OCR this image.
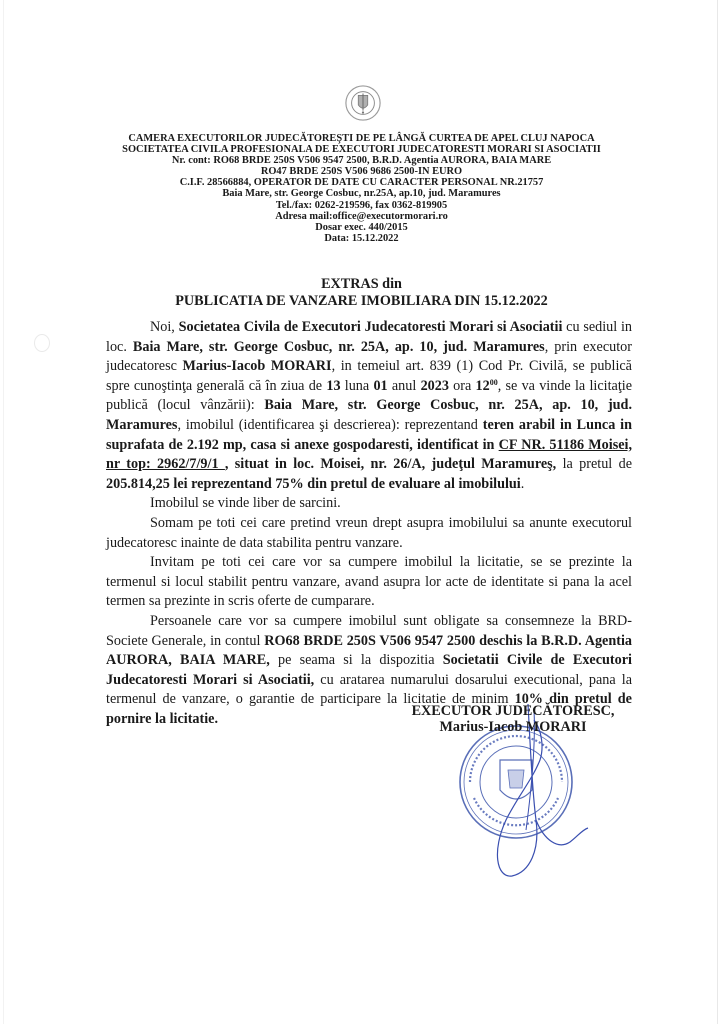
CAMERA EXECUTORILOR JUDECĂTOREŞTI DE PE LÂNGĂ CURTEA DE APEL CLUJ NAPOCA
SOCIETATEA CIVILA PROFESIONALA DE EXECUTORI JUDECATORESTI MORARI SI ASOCIATII
Nr. cont: RO68 BRDE 250S V506 9547 2500, B.R.D. Agentia AURORA, BAIA MARE
RO47 BRDE 250S V506 9686 2500-IN EURO
C.I.F. 28566884, OPERATOR DE DATE CU CARACTER PERSONAL NR.21757
Baia Mare, str. George Cosbuc, nr.25A, ap.10, jud. Maramures
Tel./fax: 0262-219596, fax 0362-819905
Adresa mail:office@executormorari.ro
Dosar exec. 440/2015
Data: 15.12.2022
EXTRAS din
PUBLICATIA DE VANZARE IMOBILIARA DIN 15.12.2022

Noi, Societatea Civila de Executori Judecatoresti Morari si Asociatii cu sediul in loc. Baia Mare, str. George Cosbuc, nr. 25A, ap. 10, jud. Maramures, prin executor judecatoresc Marius-Iacob MORARI, in temeiul art. 839 (1) Cod Pr. Civilă, se publică spre cunoştinţa generală că în ziua de 13 luna 01 anul 2023 ora $12^{00}$, se va vinde la licitaţie publică (locul vânzării): Baia Mare, str. George Cosbuc, nr. 25A, ap. 10, jud. Maramures, imobilul (identificarea şi descrierea): reprezentand teren arabil in Lunca in suprafata de 2.192 mp, casa si anexe gospodaresti, identificat in CF NR. 51186 Moisei, nr top: 2962/7/9/1 , situat in loc. Moisei, nr. 26/A, judeţul Maramureş, la pretul de 205.814,25 lei reprezentand 75% din pretul de evaluare al imobilului.

Imobilul se vinde liber de sarcini.

Somam pe toti cei care pretind vreun drept asupra imobilului sa anunte executorul judecatoresc inainte de data stabilita pentru vanzare.

Invitam pe toti cei care vor sa cumpere imobilul la licitatie, se se prezinte la termenul si locul stabilit pentru vanzare, avand asupra lor acte de identitate si pana la acel termen sa prezinte in scris oferte de cumparare.

Persoanele care vor sa cumpere imobilul sunt obligate sa consemneze la BRD-Societe Generale, in contul RO68 BRDE 250S V506 9547 2500 deschis la B.R.D. Agentia AURORA, BAIA MARE, pe seama si la dispozitia Societatii Civile de Executori Judecatoresti Morari si Asociatii, cu aratarea numarului dosarului executional, pana la termenul de vanzare, o garantie de participare la licitatie de minim 10% din pretul de pornire la licitatie.	EXECUTOR JUDECĂTORESC,
Marius-Iacob MORARI
